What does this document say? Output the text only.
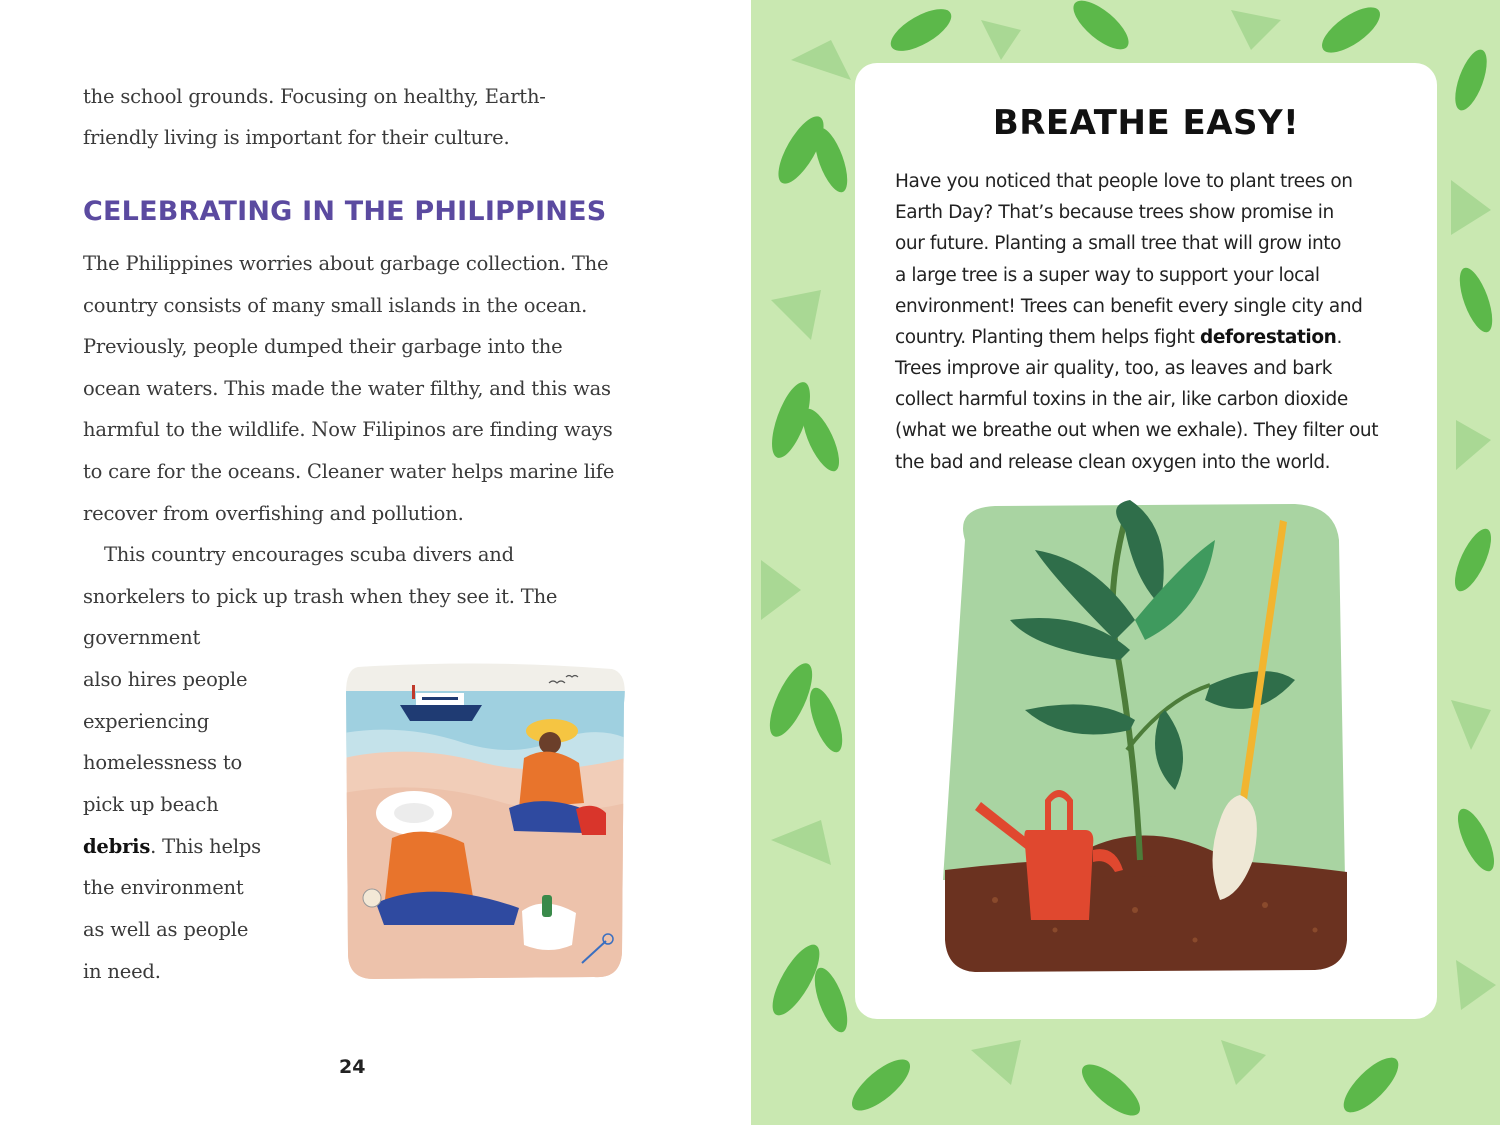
the school grounds. Focusing on healthy, Earth-
friendly living is important for their culture.
CELEBRATING IN THE PHILIPPINES
The Philippines worries about garbage collection. The
country consists of many small islands in the ocean.
Previously, people dumped their garbage into the
ocean waters. This made the water filthy, and this was
harmful to the wildlife. Now Filipinos are finding ways
to care for the oceans. Cleaner water helps marine life
recover from overfishing and pollution.
This country encourages scuba divers and
snorkelers to pick up trash when they see it. The
government
also hires people
experiencing
homelessness to
pick up beach
debris. This helps
the environment
as well as people
in need.
24
BREATHE EASY!
Have you noticed that people love to plant trees on
Earth Day? That’s because trees show promise in
our future. Planting a small tree that will grow into
a large tree is a super way to support your local
environment! Trees can benefit every single city and
country. Planting them helps fight deforestation.
Trees improve air quality, too, as leaves and bark
collect harmful toxins in the air, like carbon dioxide
(what we breathe out when we exhale). They filter out
the bad and release clean oxygen into the world.
